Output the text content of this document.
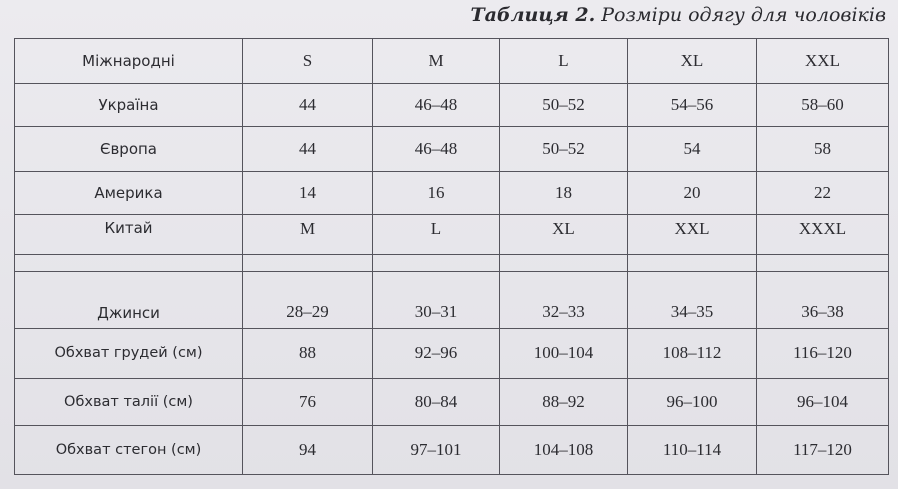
Таблиця 2. Розміри одягу для чоловіків
Міжнародні	S	M	L	XL	XXL
Україна	44	46–48	50–52	54–56	58–60
Європа	44	46–48	50–52	54	58
Америка	14	16	18	20	22
Китай	M	L	XL	XXL	XXXL

Джинси	28–29	30–31	32–33	34–35	36–38
Обхват грудей (см)	88	92–96	100–104	108–112	116–120
Обхват талії (см)	76	80–84	88–92	96–100	96–104
Обхват стегон (см)	94	97–101	104–108	110–114	117–120
